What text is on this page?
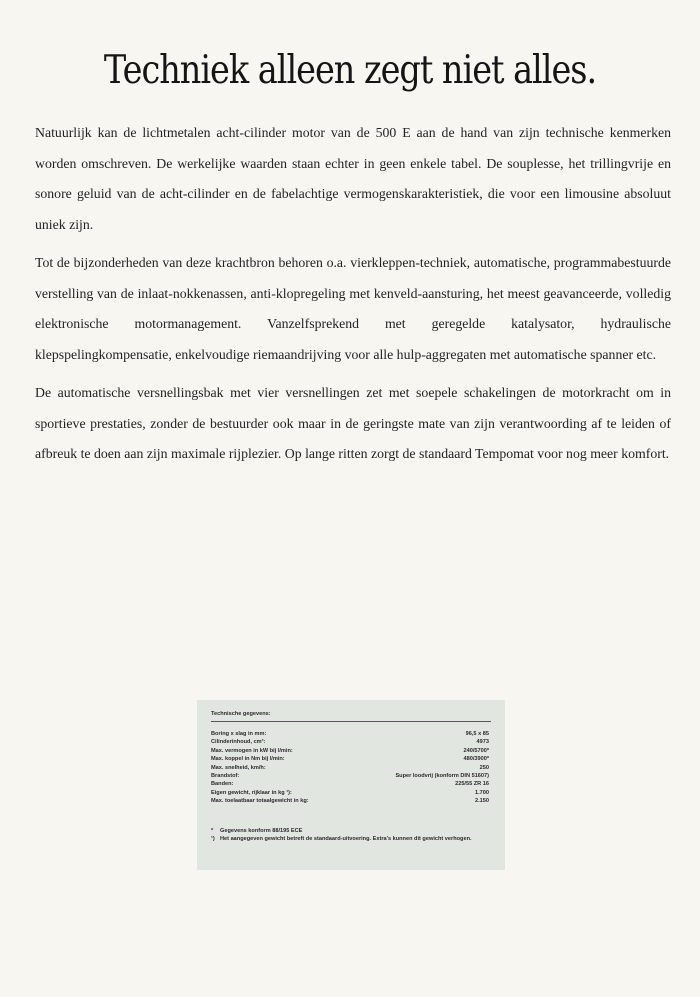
Techniek alleen zegt niet alles.

Natuurlijk kan de lichtmetalen acht-cilinder motor van de 500 E aan de hand van zijn technische kenmerken worden omschreven. De werkelijke waarden staan echter in geen enkele tabel. De souplesse, het trillingvrije en sonore geluid van de acht-cilinder en de fabelachtige vermogenskarakteristiek, die voor een limousine absoluut uniek zijn.

Tot de bijzonderheden van deze krachtbron behoren o.a. vierkleppen-techniek, automatische, programmabestuurde verstelling van de inlaat-nokkenassen, anti-klopregeling met kenveld-aansturing, het meest geavanceerde, volledig elektronische motormanagement. Vanzelfsprekend met geregelde katalysator, hydraulische klepspelingkompensatie, enkelvoudige riemaandrijving voor alle hulp-aggregaten met automatische spanner etc.

De automatische versnellingsbak met vier versnellingen zet met soepele schakelingen de motorkracht om in sportieve prestaties, zonder de bestuurder ook maar in de geringste mate van zijn verantwoording af te leiden of afbreuk te doen aan zijn maximale rijplezier. Op lange ritten zorgt de standaard Tempomat voor nog meer komfort.

Technische gegevens:
Boring x slag in mm:	96,5 x 85
Cilinderinhoud, cm³:	4973
Max. vermogen in kW bij l/min:	240/5700*
Max. koppel in Nm bij l/min:	480/3900*
Max. snelheid, km/h:	250
Brandstof:	Super loodvrij (konform DIN 51607)
Banden:	225/55 ZR 16
Eigen gewicht, rijklaar in kg ¹):	1.700
Max. toelaatbaar totaalgewicht in kg:	2.150
*	Gegevens konform 88/195 ECE
¹) Het aangegeven gewicht betreft de standaard-uitvoering. Extra's kunnen dit gewicht verhogen.
